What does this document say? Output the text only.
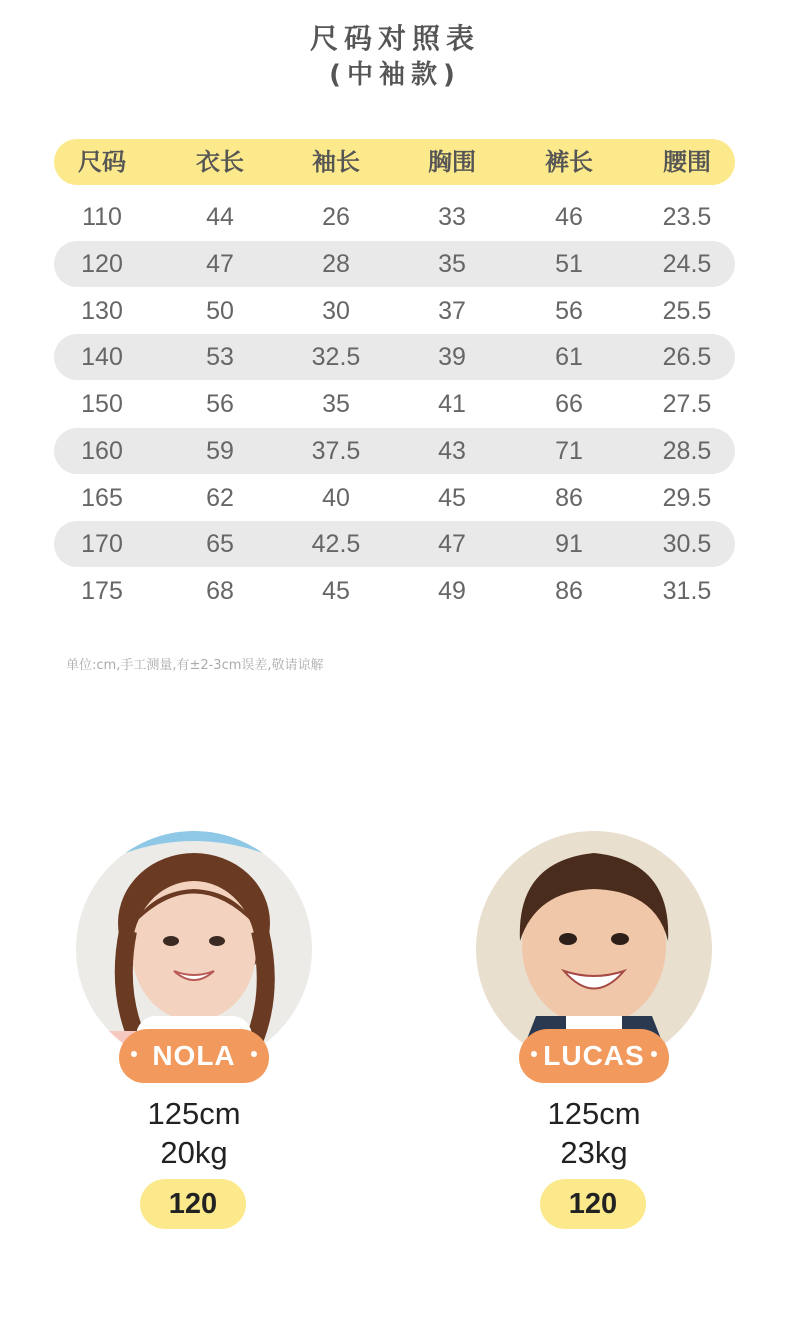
尺码对照表
(中袖款)
尺码	衣长	袖长	胸围	裤长	腰围
110	44	26	33	46	23.5
120	47	28	35	51	24.5
130	50	30	37	56	25.5
140	53	32.5	39	61	26.5
150	56	35	41	66	27.5
160	59	37.5	43	71	28.5
165	62	40	45	86	29.5
170	65	42.5	47	91	30.5
175	68	45	49	86	31.5
单位:cm,手工测量,有±2-3cm误差,敬请谅解
NOLA
125cm
20kg
120
LUCAS
125cm
23kg
120
